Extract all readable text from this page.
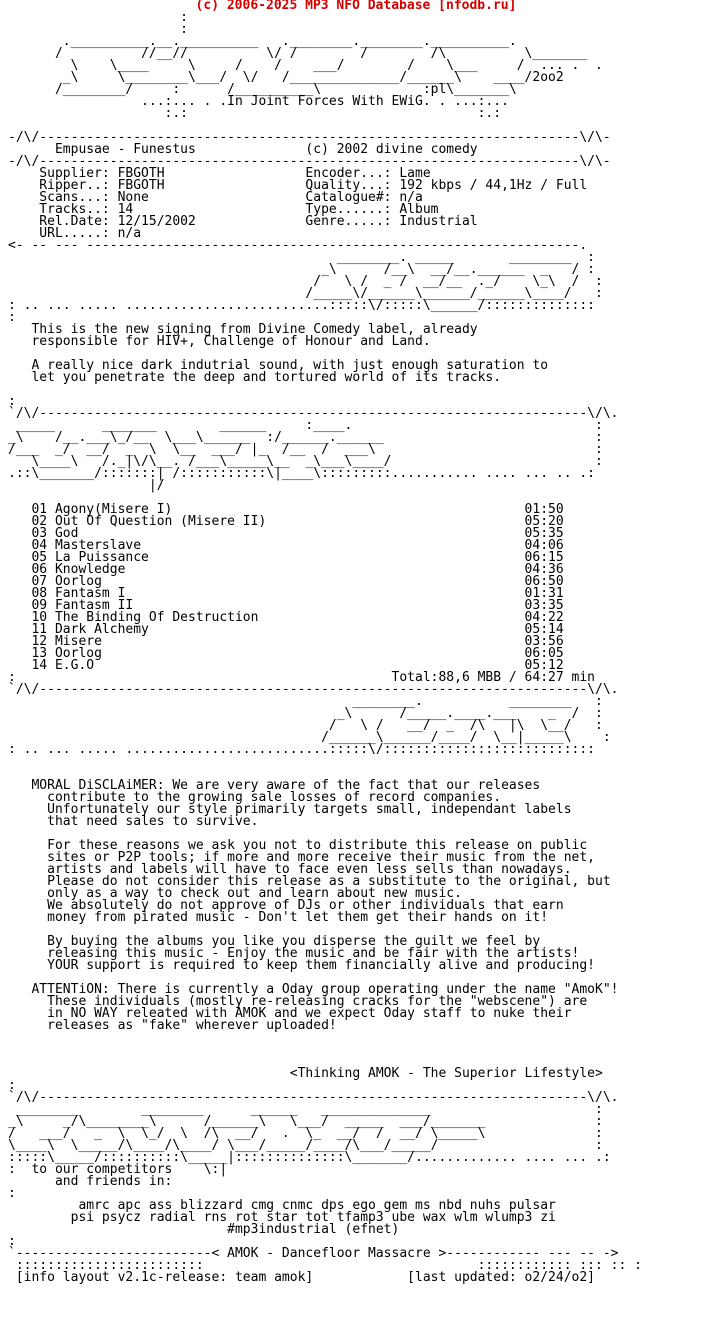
(c) 2006-2025 MP3 NFO Database [nfodb.ru]
:
:
.__________.__.__________   .________.________.__________.
/          //__//          \/ /        /        /\          \_______
\    \____     \     /    /    ___/        /    \___     /  ... .  .
_\     \________\___/  \/   /______________/______\    ____/2oo2
/________/     :      /__________\             :pl\_______\
...:... . .In Joint Forces With EWiG. . ...:...
:.:                                     :.:

-/\/---------------------------------------------------------------------\/\-
Empusae - Funestus              (c) 2002 divine comedy
-/\/---------------------------------------------------------------------\/\-
Supplier: FBGOTH                  Encoder...: Lame
Ripper..: FBGOTH                  Quality...: 192 kbps / 44,1Hz / Full
Scans...: None                    Catalogue#: n/a
Tracks..: 14                      Type......: Album
Rel.Date: 12/15/2002              Genre.....: Industrial
URL.....: n/a
<- -- --- ---------------------------------------------------------------.
________. _____       ________  :
_\      /__\  __/__.______  _   / :
/   \ /  _ /  __/__  ._/    \_\  /  :
/_____\/______\______/______\____/   :
: .. ... ..... ..........................:::::\/:::::\______/::::::::::::::
:
This is the new signing from Divine Comedy label, already
responsible for HIV+, Challenge of Honour and Land.

A really nice dark indutrial sound, with just enough saturation to
let you penetrate the deep and tortured world of its tracks.

:
`/\/----------------------------------------------------------------------\/\.
_____      _______        ______     :____.                               :
_\    /__.___\_/__  \___\______  :/______.______                           :
/___  _/  __/  _  \  \__  ___/ |_  /__  /  ___\                            :
\____\   /._|\/\__. /___\_____\__  _\___\____/                          :
.::\_______/:::::::| /:::::::::::\|____\:::::::::........... .... ... .. .:
|/

01 Agony(Misere I)                                             01:50
02 Out Of Question (Misere II)                                 05:20
03 God                                                         05:35
04 Masterslave                                                 04:06
05 La Puissance                                                06:15
06 Knowledge                                                   04:36
07 Oorlog                                                      06:50
08 Fantasm I                                                   01:31
09 Fantasm II                                                  03:35
10 The Binding Of Destruction                                  04:22
11 Dark Alchemy                                                05:14
12 Misere                                                      03:56
13 Oorlog                                                      06:05
14 E.G.O                                                       05:12
:                                                Total:88,6 MBB / 64:27 min
`/\/----------------------------------------------------------------------\/\.
________.           ________   :
_\      /_____.____.___    _  /  :
/   \ /   __/  _  /\   |\  \__/   :
/______\______/____/  \__|_____\    :
: .. ... ..... ..........................:::::\/:::::::::::::::::::::::::::

MORAL DiSCLAiMER: We are very aware of the fact that our releases
contribute to the growing sale losses of record companies.
Unfortunately our style primarily targets small, independant labels
that need sales to survive.

For these reasons we ask you not to distribute this release on public
sites or P2P tools; if more and more receive their music from the net,
artists and labels will have to face even less sells than nowadays.
Please do not consider this release as a substitute to the original, but
only as a way to check out and learn about new music.
We absolutely do not approve of DJs or other individuals that earn
money from pirated music - Don't let them get their hands on it!

By buying the albums you like you disperse the guilt we feel by
releasing this music - Enjoy the music and be fair with the artists!
YOUR support is required to keep them financially alive and producing!

ATTENTiON: There is currently a Oday group operating under the name "AmoK"!
These individuals (mostly re-releasing cracks for the "webscene") are
in NO WAY releated with AMOK and we expect Oday staff to nuke their
releases as "fake" wherever uploaded!

<Thinking AMOK - The Superior Lifestyle>
:
`/\/----------------------------------------------------------------------\/\.
________        ________      ______   ______________                     :
_\     _/\________\      /______\   \___/  _____  ___/_______              :
/   ___/   _  \  \_/  \  /\  __/   .  \_  __/  /  __/ \_____\              :
\____\  \_____/\____/\____/ \___/_____/____/\___/_____/                    :
:::::\_____/::::::::::\_____|::::::::::::::\_______/............. .... ... .:
:  to our competitors    \:|
and friends in:
:
amrc apc ass blizzard cmg cnmc dps ego gem ms nbd nuhs pulsar
psi psycz radial rns rot star tot tfamp3 ube wax wlm wlump3 zi
#mp3industrial (efnet)
:
`-------------------------< AMOK - Dancefloor Massacre >------------ --- -- ->
::::::::::::::::::::::::                                   :::::::::::: ::: :: :
[info layout v2.1c-release: team amok]            [last updated: o2/24/o2]
